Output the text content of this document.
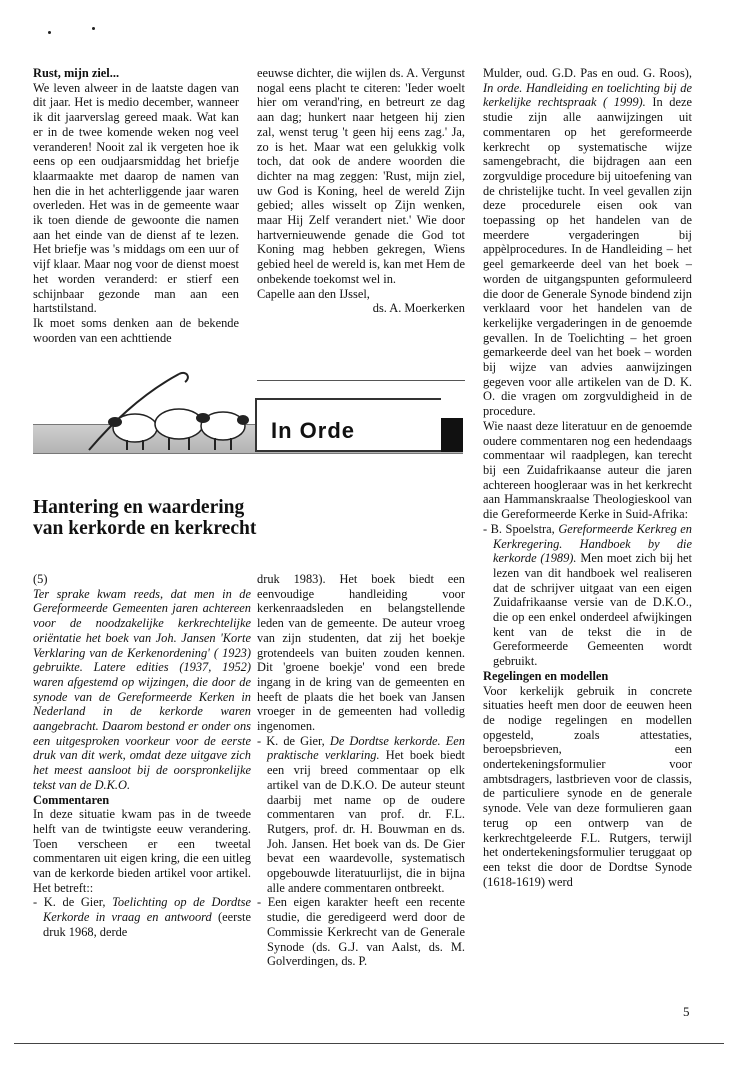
Rust, mijn ziel...

We leven alweer in de laatste dagen van dit jaar. Het is medio december, wanneer ik dit jaarverslag gereed maak. Wat kan er in de twee komende weken nog veel veranderen! Nooit zal ik vergeten hoe ik eens op een oudjaarsmiddag het briefje klaarmaakte met daarop de namen van hen die in het achterliggende jaar waren overleden. Het was in de gemeente waar ik toen diende de gewoonte die namen aan het einde van de dienst af te lezen. Het briefje was 's middags om een uur of vijf klaar. Maar nog voor de dienst moest het worden veranderd: er stierf een schijnbaar gezonde man aan een hartstilstand.

Ik moet soms denken aan de bekende woorden van een achttiende

eeuwse dichter, die wijlen ds. A. Vergunst nogal eens placht te citeren: 'Ieder woelt hier om verand'ring, en betreurt ze dag aan dag; hunkert naar hetgeen hij zien zal, wenst terug 't geen hij eens zag.' Ja, zo is het. Maar wat een gelukkig volk toch, dat ook de andere woorden die dichter na mag zeggen: 'Rust, mijn ziel, uw God is Koning, heel de wereld Zijn gebied; alles wisselt op Zijn wenken, maar Hij Zelf verandert niet.' Wie door hartvernieuwende genade die God tot Koning mag hebben gekregen, Wiens gebied heel de wereld is, kan met Hem de onbekende toekomst wel in.

Capelle aan den IJssel,

ds. A. Moerkerken

Mulder, oud. G.D. Pas en oud. G. Roos), In orde. Handleiding en toelichting bij de kerkelijke rechtspraak ( 1999). In deze studie zijn alle aanwijzingen uit commentaren op het gereformeerde kerkrecht op systematische wijze samengebracht, die bijdragen aan een zorgvuldige procedure bij uitoefening van de christelijke tucht. In veel gevallen zijn deze procedurele eisen ook van toepassing op het handelen van de meerdere vergaderingen bij appèlprocedures. In de Handleiding – het geel gemarkeerde deel van het boek – worden de uitgangspunten geformuleerd die door de Generale Synode bindend zijn verklaard voor het handelen van de kerkelijke vergaderingen in de genoemde gevallen. In de Toelichting – het groen gemarkeerde deel van het boek – worden bij wijze van advies aanwijzingen gegeven voor alle artikelen van de D. K. O. die vragen om zorgvuldigheid in de procedure.

Wie naast deze literatuur en de genoemde oudere commentaren nog een hedendaags commentaar wil raadplegen, kan terecht bij een Zuidafrikaanse auteur die jaren achtereen hoogleraar was in het kerkrecht aan Hammanskraalse Theologieskool van die Gereformeerde Kerke in Suid-Afrika:

- B. Spoelstra, Gereformeerde Kerkreg en Kerkregering. Handboek by die kerkorde (1989). Men moet zich bij het lezen van dit handboek wel realiseren dat de schrijver uitgaat van een eigen Zuidafrikaanse versie van de D.K.O., die op een enkel onderdeel afwijkingen kent van de tekst die in de Gereformeerde Gemeenten wordt gebruikt.

Regelingen en modellen

Voor kerkelijk gebruik in concrete situaties heeft men door de eeuwen heen de nodige regelingen en modellen opgesteld, zoals attestaties, beroepsbrieven, een ondertekeningsformulier voor ambtsdragers, lastbrieven voor de classis, de particuliere synode en de generale synode. Vele van deze formulieren gaan terug op een ontwerp van de kerkrechtgeleerde F.L. Rutgers, terwijl het ondertekeningsformulier teruggaat op een tekst die door de Dordtse Synode (1618-1619) werd

In Orde
Hantering en waardering van kerkorde en kerkrecht

(5)

Ter sprake kwam reeds, dat men in de Gereformeerde Gemeenten jaren achtereen voor de noodzakelijke kerkrechtelijke oriëntatie het boek van Joh. Jansen 'Korte Verklaring van de Kerkenordening' ( 1923) gebruikte. Latere edities (1937, 1952) waren afgestemd op wijzingen, die door de synode van de Gereformeerde Kerken in Nederland in de kerkorde waren aangebracht. Daarom bestond er onder ons een uitgesproken voorkeur voor de eerste druk van dit werk, omdat deze uitgave zich het meest aansloot bij de oorspronkelijke tekst van de D.K.O.

Commentaren

In deze situatie kwam pas in de tweede helft van de twintigste eeuw verandering. Toen verscheen er een tweetal commentaren uit eigen kring, die een uitleg van de kerkorde bieden artikel voor artikel. Het betreft::

- K. de Gier, Toelichting op de Dordtse Kerkorde in vraag en antwoord (eerste druk 1968, derde

druk 1983). Het boek biedt een eenvoudige handleiding voor kerkenraadsleden en belangstellende leden van de gemeente. De auteur vroeg van zijn studenten, dat zij het boekje grotendeels van buiten zouden kennen. Dit 'groene boekje' vond een brede ingang in de kring van de gemeenten en heeft de plaats die het boek van Jansen vroeger in de gemeenten had volledig ingenomen.

- K. de Gier, De Dordtse kerkorde. Een praktische verklaring. Het boek biedt een vrij breed commentaar op elk artikel van de D.K.O. De auteur steunt daarbij met name op de oudere commentaren van prof. dr. F.L. Rutgers, prof. dr. H. Bouwman en ds. Joh. Jansen. Het boek van ds. De Gier bevat een waardevolle, systematisch opgebouwde literatuurlijst, die in bijna alle andere commentaren ontbreekt.

- Een eigen karakter heeft een recente studie, die geredigeerd werd door de Commissie Kerkrecht van de Generale Synode (ds. G.J. van Aalst, ds. M. Golverdingen, ds. P.

5
